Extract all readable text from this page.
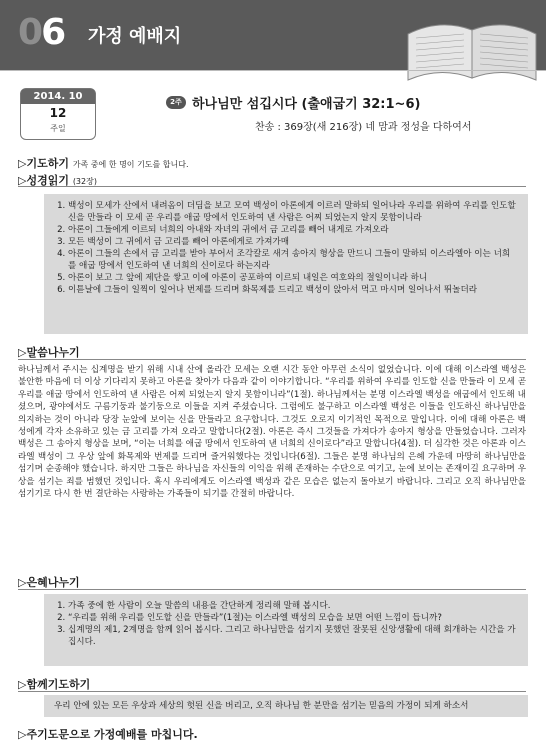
06 가정 예배지
2014. 10
12
주일
2주 하나님만 섬깁시다 (출애굽기 32:1~6)
찬송 : 369장(새 216장) 네 맘과 정성을 다하여서
▷기도하기 가족 중에 한 명이 기도를 합니다.
▷성경읽기 (32장)
1. 백성이 모세가 산에서 내려옴이 더딤을 보고 모여 백성이 아론에게 이르러 말하되 일어나라 우리를 위하여 우리를 인도할 신을 만들라 이 모세 곧 우리를 애굽 땅에서 인도하여 낸 사람은 어찌 되었는지 알지 못함이니라
2. 아론이 그들에게 이르되 너희의 아내와 자녀의 귀에서 금 고리를 빼어 내게로 가져오라
3. 모든 백성이 그 귀에서 금 고리를 빼어 아론에게로 가져가매
4. 아론이 그들의 손에서 금 고리를 받아 부어서 조각칼로 새겨 송아지 형상을 만드니 그들이 말하되 이스라엘아 이는 너희를 애굽 땅에서 인도하여 낸 너희의 신이로다 하는지라
5. 아론이 보고 그 앞에 제단을 쌓고 이에 아론이 공포하여 이르되 내일은 여호와의 절일이니라 하니
6. 이튿날에 그들이 일찍이 일어나 번제를 드리며 화목제를 드리고 백성이 앉아서 먹고 마시며 일어나서 뛰놀더라
▷말씀나누기
하나님께서 주시는 십계명을 받기 위해 시내 산에 올라간 모세는 오랜 시간 동안 아무런 소식이 없었습니다. 이에 대해 이스라엘 백성은 불안한 마음에 더 이상 기다리지 못하고 아론을 찾아가 다음과 같이 이야기합니다. “우리를 위하여 우리를 인도할 신을 만들라 이 모세 곧 우리를 애굽 땅에서 인도하여 낸 사람은 어찌 되었는지 알지 못함이니라”(1절). 하나님께서는 분명 이스라엘 백성을 애굽에서 인도해 내셨으며, 광야에서도 구름기둥과 불기둥으로 이들을 지켜 주셨습니다. 그럼에도 불구하고 이스라엘 백성은 이들을 인도하신 하나님만을 의지하는 것이 아니라 당장 눈앞에 보이는 신을 만들라고 요구합니다. 그것도 오로지 이기적인 목적으로 말입니다. 이에 대해 아론은 백성에게 각자 소유하고 있는 금 고리를 가져 오라고 말합니다(2절). 아론은 즉시 그것들을 가져다가 송아지 형상을 만들었습니다. 그러자 백성은 그 송아지 형상을 보며, “이는 너희를 애굽 땅에서 인도하여 낸 너희의 신이로다”라고 말합니다(4절). 더 심각한 것은 아론과 이스라엘 백성이 그 우상 앞에 화목제와 번제를 드리며 즐거워했다는 것입니다(6절). 그들은 분명 하나님의 은혜 가운데 마땅히 하나님만을 섬기며 순종해야 했습니다. 하지만 그들은 하나님을 자신들의 이익을 위해 존재하는 수단으로 여기고, 눈에 보이는 존재이길 요구하며 우상을 섬기는 죄를 범했던 것입니다. 혹시 우리에게도 이스라엘 백성과 같은 모습은 없는지 돌아보기 바랍니다. 그리고 오직 하나님만을 섬기기로 다시 한 번 결단하는 사랑하는 가족들이 되기를 간절히 바랍니다.
▷은혜나누기
1. 가족 중에 한 사람이 오늘 말씀의 내용을 간단하게 정리해 말해 봅시다.
2. “우리를 위해 우리를 인도할 신을 만들라”(1절)는 이스라엘 백성의 모습을 보면 어떤 느낌이 듭니까?
3. 십계명의 제1, 2계명을 함께 읽어 봅시다. 그리고 하나님만을 섬기지 못했던 잘못된 신앙생활에 대해 회개하는 시간을 가집시다.
▷함께기도하기
우리 안에 있는 모든 우상과 세상의 헛된 신을 버리고, 오직 하나님 한 분만을 섬기는 믿음의 가정이 되게 하소서
▷주기도문으로 가정예배를 마칩니다.
